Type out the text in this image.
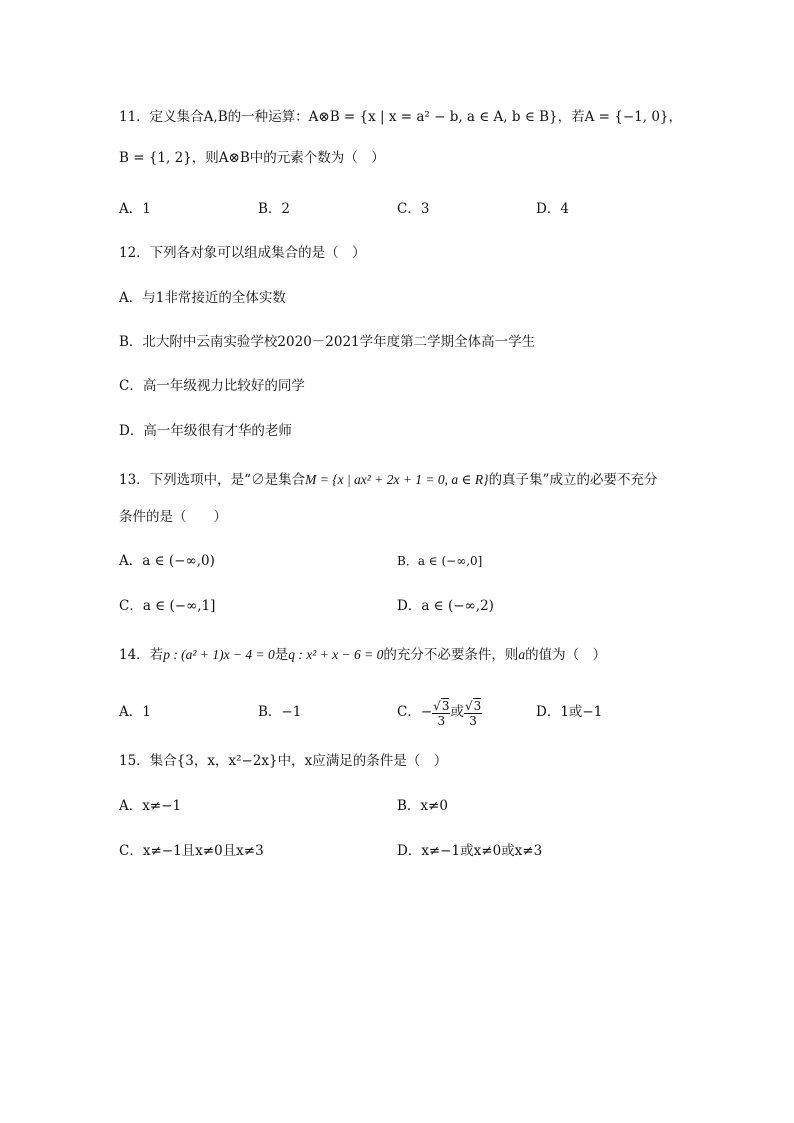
11．定义集合A,B的一种运算：A⊗B = {x | x = a² − b, a ∈ A, b ∈ B}，若A = {−1, 0}，
B = {1, 2}，则A⊗B中的元素个数为（　）
A．1	B．2	C．3	D．4
12．下列各对象可以组成集合的是（　）
A．与1非常接近的全体实数
B．北大附中云南实验学校2020－2021学年度第二学期全体高一学生
C．高一年级视力比较好的同学
D．高一年级很有才华的老师
13．下列选项中，是“∅是集合M = {x | ax² + 2x + 1 = 0, a ∈ R}的真子集”成立的必要不充分
条件的是（　　）
A．a ∈ (−∞,0)	B．a ∈ (−∞,0]
C．a ∈ (−∞,1]	D．a ∈ (−∞,2)
14．若p : (a² + 1)x − 4 = 0是q : x² + x − 6 = 0的充分不必要条件，则a的值为（　）
A．1	B．−1	C．− $\frac{√3}{3}$ 或 $\frac{√3}{3}$	D．1或−1
15．集合{3，x，x²−2x}中，x应满足的条件是（　）
A．x≠−1	B．x≠0
C．x≠−1且x≠0且x≠3	D．x≠−1或x≠0或x≠3
